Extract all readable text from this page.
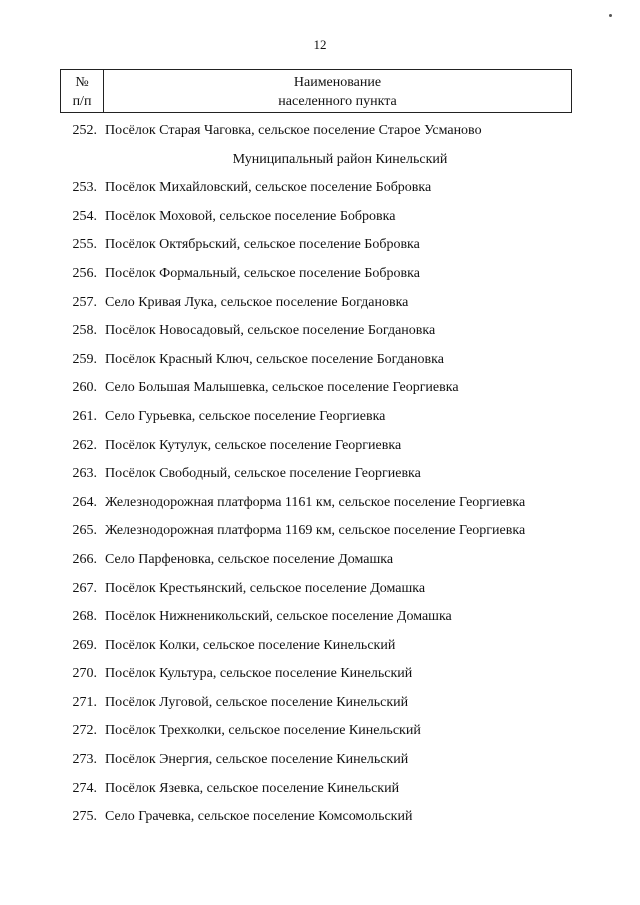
12
№
п/п
Наименование
населенного пункта
252. Посёлок Старая Чаговка, сельское поселение Старое Усманово
Муниципальный район Кинельский
253. Посёлок Михайловский, сельское поселение Бобровка
254. Посёлок Моховой, сельское поселение Бобровка
255. Посёлок Октябрьский, сельское поселение Бобровка
256. Посёлок Формальный, сельское поселение Бобровка
257. Село Кривая Лука, сельское поселение Богдановка
258. Посёлок Новосадовый, сельское поселение Богдановка
259. Посёлок Красный Ключ, сельское поселение Богдановка
260. Село Большая Малышевка, сельское поселение Георгиевка
261. Село Гурьевка, сельское поселение Георгиевка
262. Посёлок Кутулук, сельское поселение Георгиевка
263. Посёлок Свободный, сельское поселение Георгиевка
264. Железнодорожная платформа 1161 км, сельское поселение Георгиевка
265. Железнодорожная платформа 1169 км, сельское поселение Георгиевка
266. Село Парфеновка, сельское поселение Домашка
267. Посёлок Крестьянский, сельское поселение Домашка
268. Посёлок Нижненикольский, сельское поселение Домашка
269. Посёлок Колки, сельское поселение Кинельский
270. Посёлок Культура, сельское поселение Кинельский
271. Посёлок Луговой, сельское поселение Кинельский
272. Посёлок Трехколки, сельское поселение Кинельский
273. Посёлок Энергия, сельское поселение Кинельский
274. Посёлок Язевка, сельское поселение Кинельский
275. Село Грачевка, сельское поселение Комсомольский
